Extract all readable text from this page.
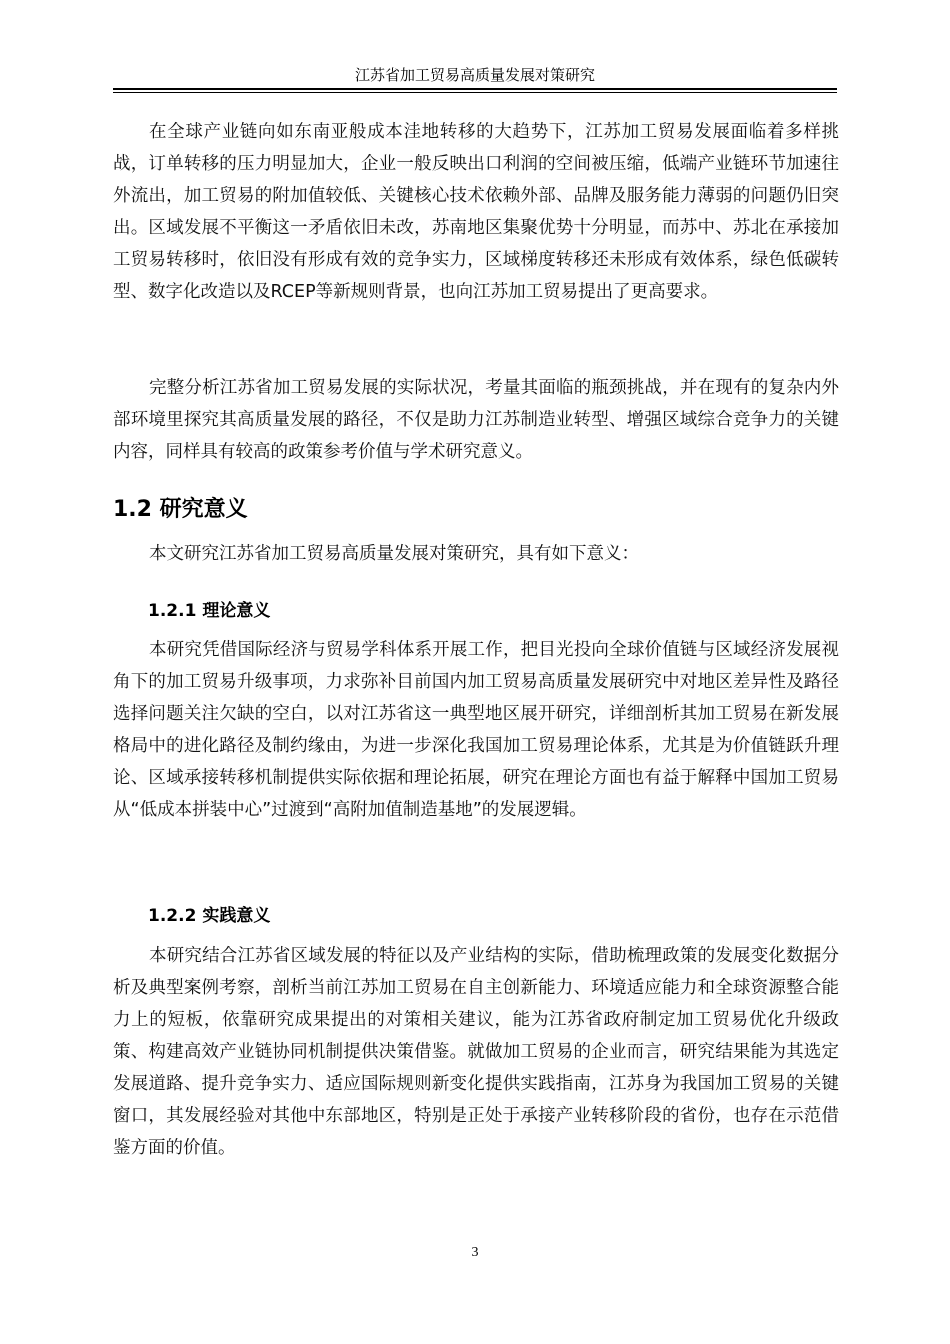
江苏省加工贸易高质量发展对策研究

在全球产业链向如东南亚般成本洼地转移的大趋势下，江苏加工贸易发展面临着多样挑战，订单转移的压力明显加大，企业一般反映出口利润的空间被压缩，低端产业链环节加速往外流出，加工贸易的附加值较低、关键核心技术依赖外部、品牌及服务能力薄弱的问题仍旧突出。区域发展不平衡这一矛盾依旧未改，苏南地区集聚优势十分明显，而苏中、苏北在承接加工贸易转移时，依旧没有形成有效的竞争实力，区域梯度转移还未形成有效体系，绿色低碳转型、数字化改造以及RCEP等新规则背景，也向江苏加工贸易提出了更高要求。

完整分析江苏省加工贸易发展的实际状况，考量其面临的瓶颈挑战，并在现有的复杂内外部环境里探究其高质量发展的路径，不仅是助力江苏制造业转型、增强区域综合竞争力的关键内容，同样具有较高的政策参考价值与学术研究意义。

1.2 研究意义

本文研究江苏省加工贸易高质量发展对策研究，具有如下意义：

1.2.1 理论意义

本研究凭借国际经济与贸易学科体系开展工作，把目光投向全球价值链与区域经济发展视角下的加工贸易升级事项，力求弥补目前国内加工贸易高质量发展研究中对地区差异性及路径选择问题关注欠缺的空白，以对江苏省这一典型地区展开研究，详细剖析其加工贸易在新发展格局中的进化路径及制约缘由，为进一步深化我国加工贸易理论体系，尤其是为价值链跃升理论、区域承接转移机制提供实际依据和理论拓展，研究在理论方面也有益于解释中国加工贸易从“低成本拼装中心”过渡到“高附加值制造基地”的发展逻辑。

1.2.2 实践意义

本研究结合江苏省区域发展的特征以及产业结构的实际，借助梳理政策的发展变化数据分析及典型案例考察，剖析当前江苏加工贸易在自主创新能力、环境适应能力和全球资源整合能力上的短板，依靠研究成果提出的对策相关建议，能为江苏省政府制定加工贸易优化升级政策、构建高效产业链协同机制提供决策借鉴。就做加工贸易的企业而言，研究结果能为其选定发展道路、提升竞争实力、适应国际规则新变化提供实践指南，江苏身为我国加工贸易的关键窗口，其发展经验对其他中东部地区，特别是正处于承接产业转移阶段的省份，也存在示范借鉴方面的价值。

3
